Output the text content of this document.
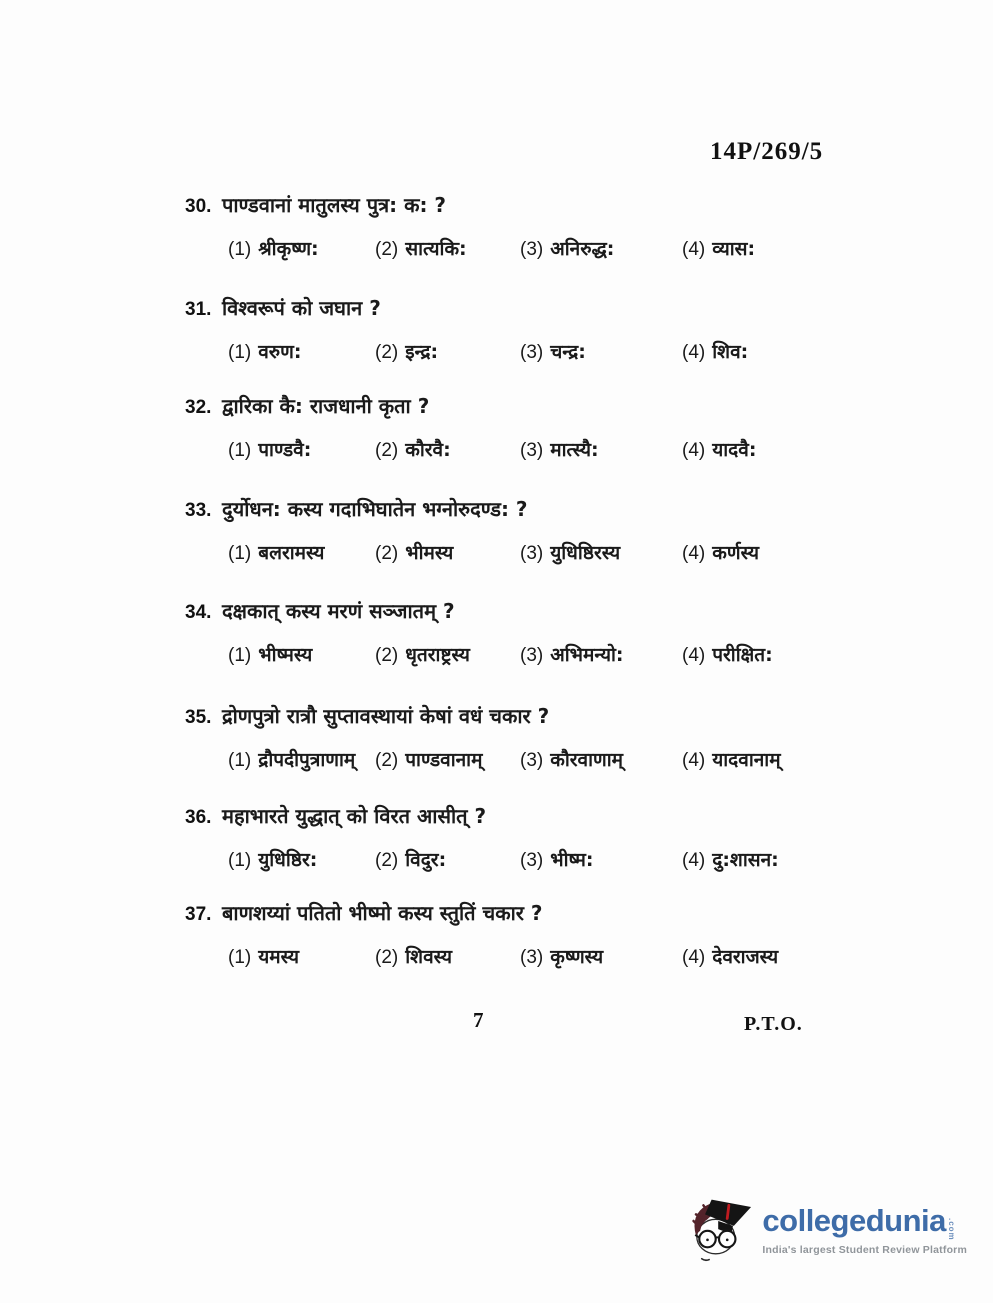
14P/269/5
30. पाण्डवानां मातुलस्य पुत्र: क: ?
(1) श्रीकृष्ण:	(2) सात्यकि:	(3) अनिरुद्ध:	(4) व्यास:
31. विश्वरूपं को जघान ?
(1) वरुण:	(2) इन्द्र:	(3) चन्द्र:	(4) शिव:
32. द्वारिका कै: राजधानी कृता ?
(1) पाण्डवै:	(2) कौरवै:	(3) मात्स्यै:	(4) यादवै:
33. दुर्योधन: कस्य गदाभिघातेन भग्नोरुदण्ड: ?
(1) बलरामस्य	(2) भीमस्य	(3) युधिष्ठिरस्य	(4) कर्णस्य
34. दक्षकात् कस्य मरणं सञ्जातम् ?
(1) भीष्मस्य	(2) धृतराष्ट्रस्य	(3) अभिमन्यो:	(4) परीक्षित:
35. द्रोणपुत्रो रात्रौ सुप्तावस्थायां केषां वधं चकार ?
(1) द्रौपदीपुत्राणाम्	(2) पाण्डवानाम्	(3) कौरवाणाम्	(4) यादवानाम्
36. महाभारते युद्धात् को विरत आसीत् ?
(1) युधिष्ठिर:	(2) विदुर:	(3) भीष्म:	(4) दु:शासन:
37. बाणशय्यां पतितो भीष्मो कस्य स्तुतिं चकार ?
(1) यमस्य	(2) शिवस्य	(3) कृष्णस्य	(4) देवराजस्य
7	P.T.O.
collegedunia .com
India's largest Student Review Platform
